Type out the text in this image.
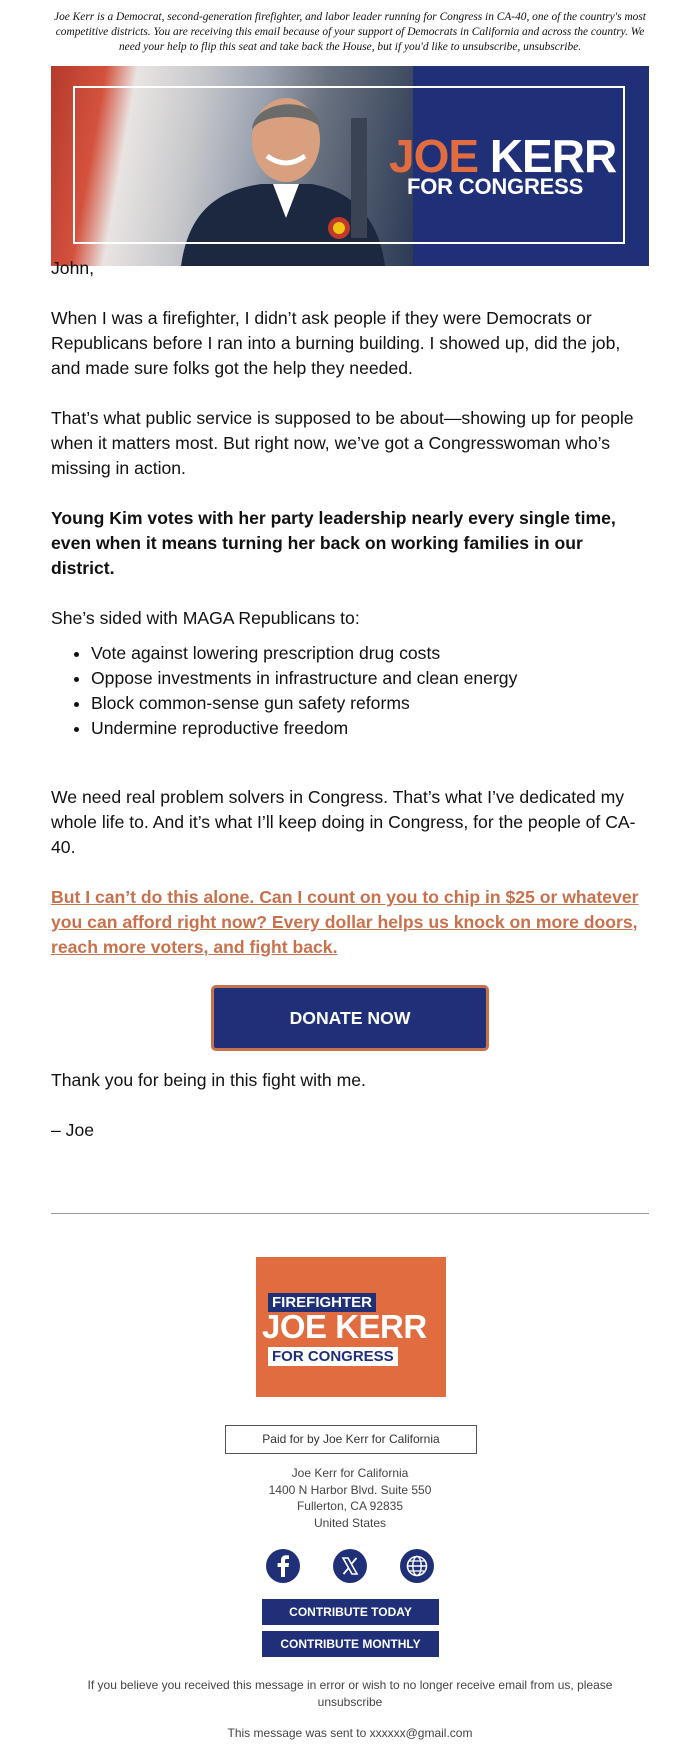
Joe Kerr is a Democrat, second-generation firefighter, and labor leader running for Congress in CA-40, one of the country's most competitive districts. You are receiving this email because of your support of Democrats in California and across the country. We need your help to flip this seat and take back the House, but if you'd like to unsubscribe, unsubscribe.
JOE KERR
FOR CONGRESS

John,

When I was a firefighter, I didn’t ask people if they were Democrats or Republicans before I ran into a burning building. I showed up, did the job, and made sure folks got the help they needed.

That’s what public service is supposed to be about—showing up for people when it matters most. But right now, we’ve got a Congresswoman who’s missing in action.

Young Kim votes with her party leadership nearly every single time, even when it means turning her back on working families in our district.

She’s sided with MAGA Republicans to:

• Vote against lowering prescription drug costs
• Oppose investments in infrastructure and clean energy
• Block common-sense gun safety reforms
• Undermine reproductive freedom

We need real problem solvers in Congress. That’s what I’ve dedicated my whole life to. And it’s what I’ll keep doing in Congress, for the people of CA-40.

But I can’t do this alone. Can I count on you to chip in $25 or whatever you can afford right now? Every dollar helps us knock on more doors, reach more voters, and fight back.
DONATE NOW

Thank you for being in this fight with me.

– Joe

FIREFIGHTER
JOE KERR
FOR CONGRESS
Paid for by Joe Kerr for California
Joe Kerr for California
1400 N Harbor Blvd. Suite 550
Fullerton, CA 92835
United States
CONTRIBUTE TODAY
CONTRIBUTE MONTHLY
If you believe you received this message in error or wish to no longer receive email from us, please
unsubscribe
This message was sent to xxxxxx@gmail.com
